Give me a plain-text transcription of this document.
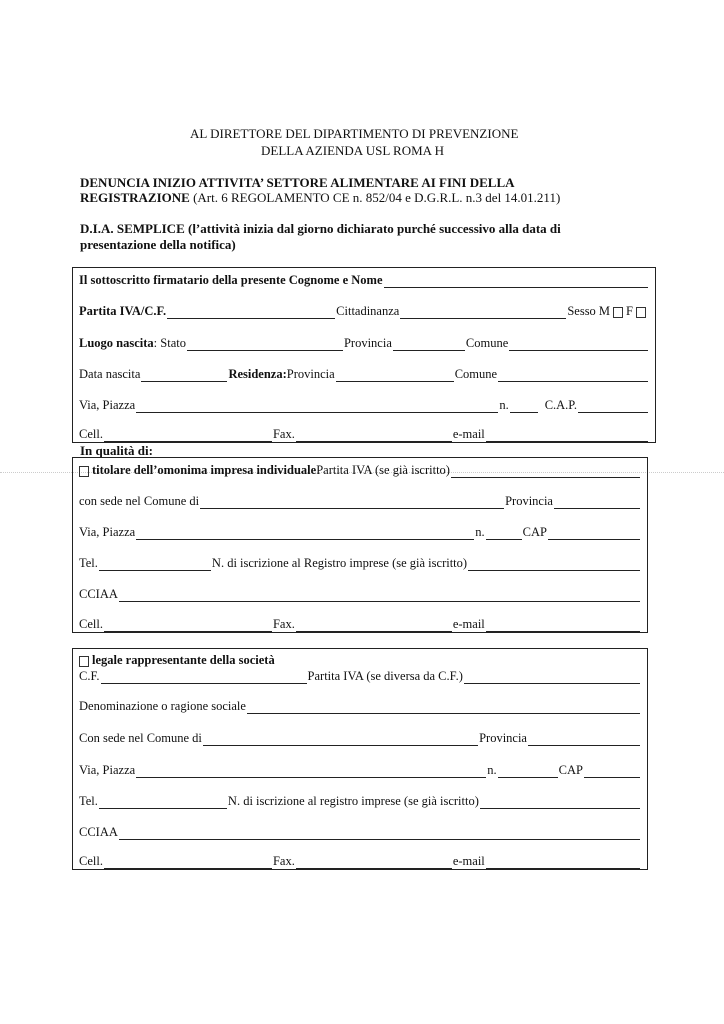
AL DIRETTORE DEL DIPARTIMENTO DI PREVENZIONE
DELLA AZIENDA USL ROMA H
DENUNCIA INIZIO ATTIVITA’ SETTORE ALIMENTARE AI FINI DELLA
REGISTRAZIONE (Art. 6 REGOLAMENTO CE n. 852/04 e D.G.R.L. n.3 del 14.01.211)
D.I.A. SEMPLICE (l’attività inizia dal giorno dichiarato purché successivo alla data di
presentazione della notifica)
Il sottoscritto firmatario della presente Cognome e Nome
Partita IVA/C.F.	Cittadinanza	Sesso M F
Luogo nascita : Stato	Provincia	Comune
Data nascita	Residenza: Provincia	Comune
Via, Piazza	n.	C.A.P.
Cell.	Fax.	e-mail
In qualità di:
titolare dell’omonima impresa individuale Partita IVA (se già iscritto)
con sede nel Comune di	Provincia
Via, Piazza	n.	CAP
Tel.	N. di iscrizione al Registro imprese (se già iscritto)
CCIAA
Cell.	Fax.	e-mail
legale rappresentante della società
C.F.	Partita IVA (se diversa da C.F.)
Denominazione o ragione sociale
Con sede nel Comune di	Provincia
Via, Piazza	n.	CAP
Tel.	N. di iscrizione al registro imprese (se già iscritto)
CCIAA
Cell.	Fax.	e-mail
